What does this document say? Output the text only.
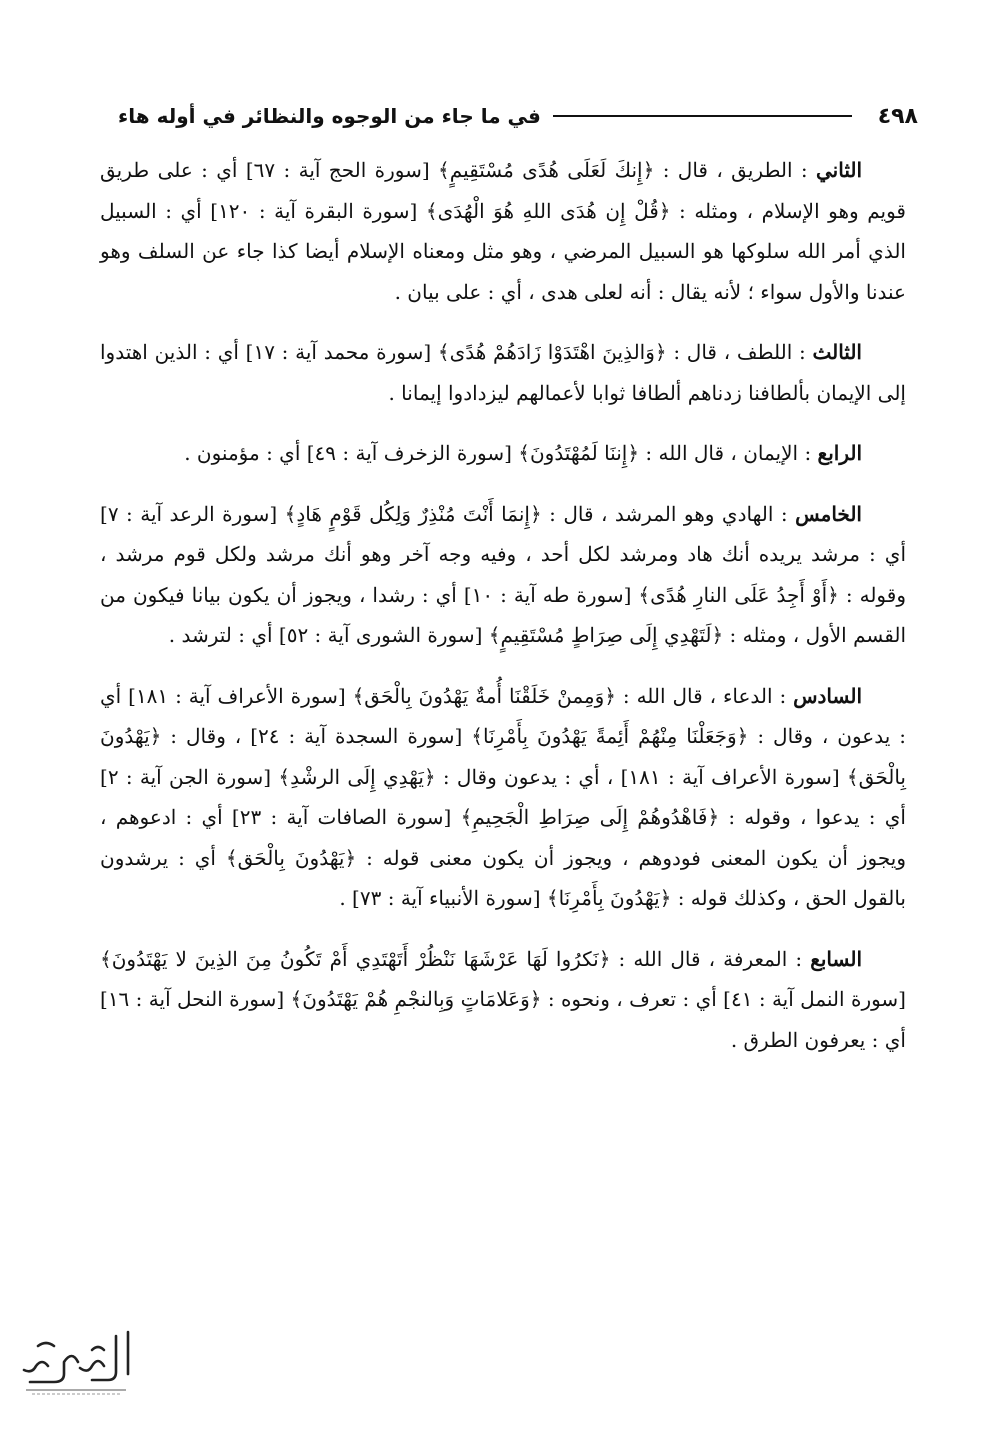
٤٩٨
في ما جاء من الوجوه والنظائر في أوله هاء

الثاني : الطريق ، قال : ﴿إِنكَ لَعَلَى هُدًى مُسْتَقِيمٍ﴾ [سورة الحج آية : ٦٧] أي : على طريق قويم وهو الإسلام ، ومثله : ﴿قُلْ إِن هُدَى اللهِ هُوَ الْهُدَى﴾ [سورة البقرة آية : ١٢٠] أي : السبيل الذي أمر الله سلوكها هو السبيل المرضي ، وهو مثل ومعناه الإسلام أيضا كذا جاء عن السلف وهو عندنا والأول سواء ؛ لأنه يقال : أنه لعلى هدى ، أي : على بيان .

الثالث : اللطف ، قال : ﴿وَالذِينَ اهْتَدَوْا زَادَهُمْ هُدًى﴾ [سورة محمد آية : ١٧] أي : الذين اهتدوا إلى الإيمان بألطافنا زدناهم ألطافا ثوابا لأعمالهم ليزدادوا إيمانا .

الرابع : الإيمان ، قال الله : ﴿إِننَا لَمُهْتَدُونَ﴾ [سورة الزخرف آية : ٤٩] أي : مؤمنون .

الخامس : الهادي وهو المرشد ، قال : ﴿إِنمَا أَنْتَ مُنْذِرٌ وَلِكُل قَوْمٍ هَادٍ﴾ [سورة الرعد آية : ٧] أي : مرشد يريده أنك هاد ومرشد لكل أحد ، وفيه وجه آخر وهو أنك مرشد ولكل قوم مرشد ، وقوله : ﴿أَوْ أَجِدُ عَلَى النارِ هُدًى﴾ [سورة طه آية : ١٠] أي : رشدا ، ويجوز أن يكون بيانا فيكون من القسم الأول ، ومثله : ﴿لَتَهْدِي إِلَى صِرَاطٍ مُسْتَقِيمٍ﴾ [سورة الشورى آية : ٥٢] أي : لترشد .

السادس : الدعاء ، قال الله : ﴿وَمِمنْ خَلَقْنَا أُمةٌ يَهْدُونَ بِالْحَق﴾ [سورة الأعراف آية : ١٨١] أي : يدعون ، وقال : ﴿وَجَعَلْنَا مِنْهُمْ أَئِمةً يَهْدُونَ بِأَمْرِنَا﴾ [سورة السجدة آية : ٢٤] ، وقال : ﴿يَهْدُونَ بِالْحَق﴾ [سورة الأعراف آية : ١٨١] ، أي : يدعون وقال : ﴿يَهْدِي إِلَى الرشْدِ﴾ [سورة الجن آية : ٢] أي : يدعوا ، وقوله : ﴿فَاهْدُوهُمْ إِلَى صِرَاطِ الْجَحِيمِ﴾ [سورة الصافات آية : ٢٣] أي : ادعوهم ، ويجوز أن يكون المعنى فودوهم ، ويجوز أن يكون معنى قوله : ﴿يَهْدُونَ بِالْحَق﴾ أي : يرشدون بالقول الحق ، وكذلك قوله : ﴿يَهْدُونَ بِأَمْرِنَا﴾ [سورة الأنبياء آية : ٧٣] .

السابع : المعرفة ، قال الله : ﴿نَكرُوا لَهَا عَرْشَهَا نَنْظُرْ أَتَهْتَدِي أَمْ تَكُونُ مِنَ الذِينَ لا يَهْتَدُونَ﴾ [سورة النمل آية : ٤١] أي : تعرف ، ونحوه : ﴿وَعَلامَاتٍ وَبِالنجْمِ هُمْ يَهْتَدُونَ﴾ [سورة النحل آية : ١٦] أي : يعرفون الطرق .
